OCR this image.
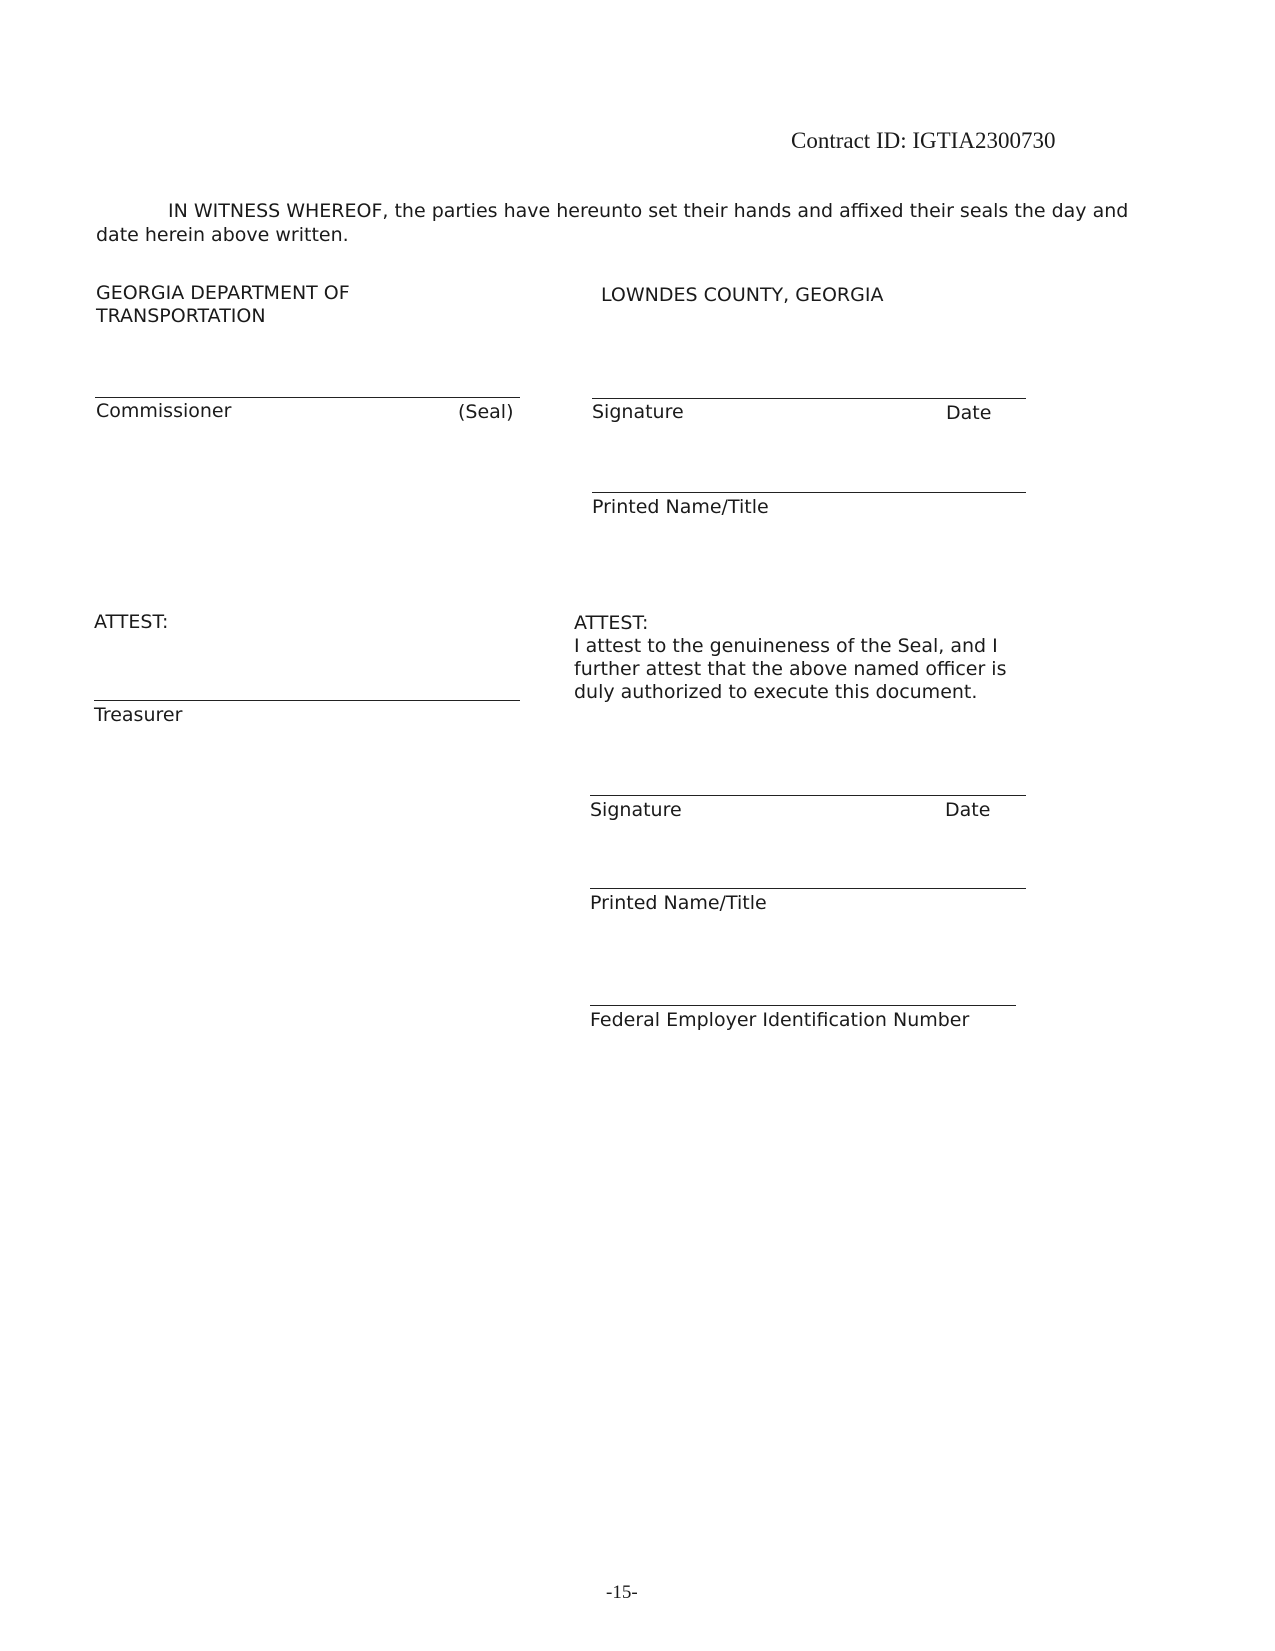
Contract ID: IGTIA2300730
IN WITNESS WHEREOF, the parties have hereunto set their hands and affixed their seals the day and date herein above written.
GEORGIA DEPARTMENT OF
TRANSPORTATION
Commissioner	(Seal)
ATTEST:
Treasurer
LOWNDES COUNTY, GEORGIA
Signature	Date
Printed Name/Title
ATTEST:
I attest to the genuineness of the Seal, and I further attest that the above named officer is duly authorized to execute this document.
Signature	Date
Printed Name/Title
Federal Employer Identification Number
-15-
